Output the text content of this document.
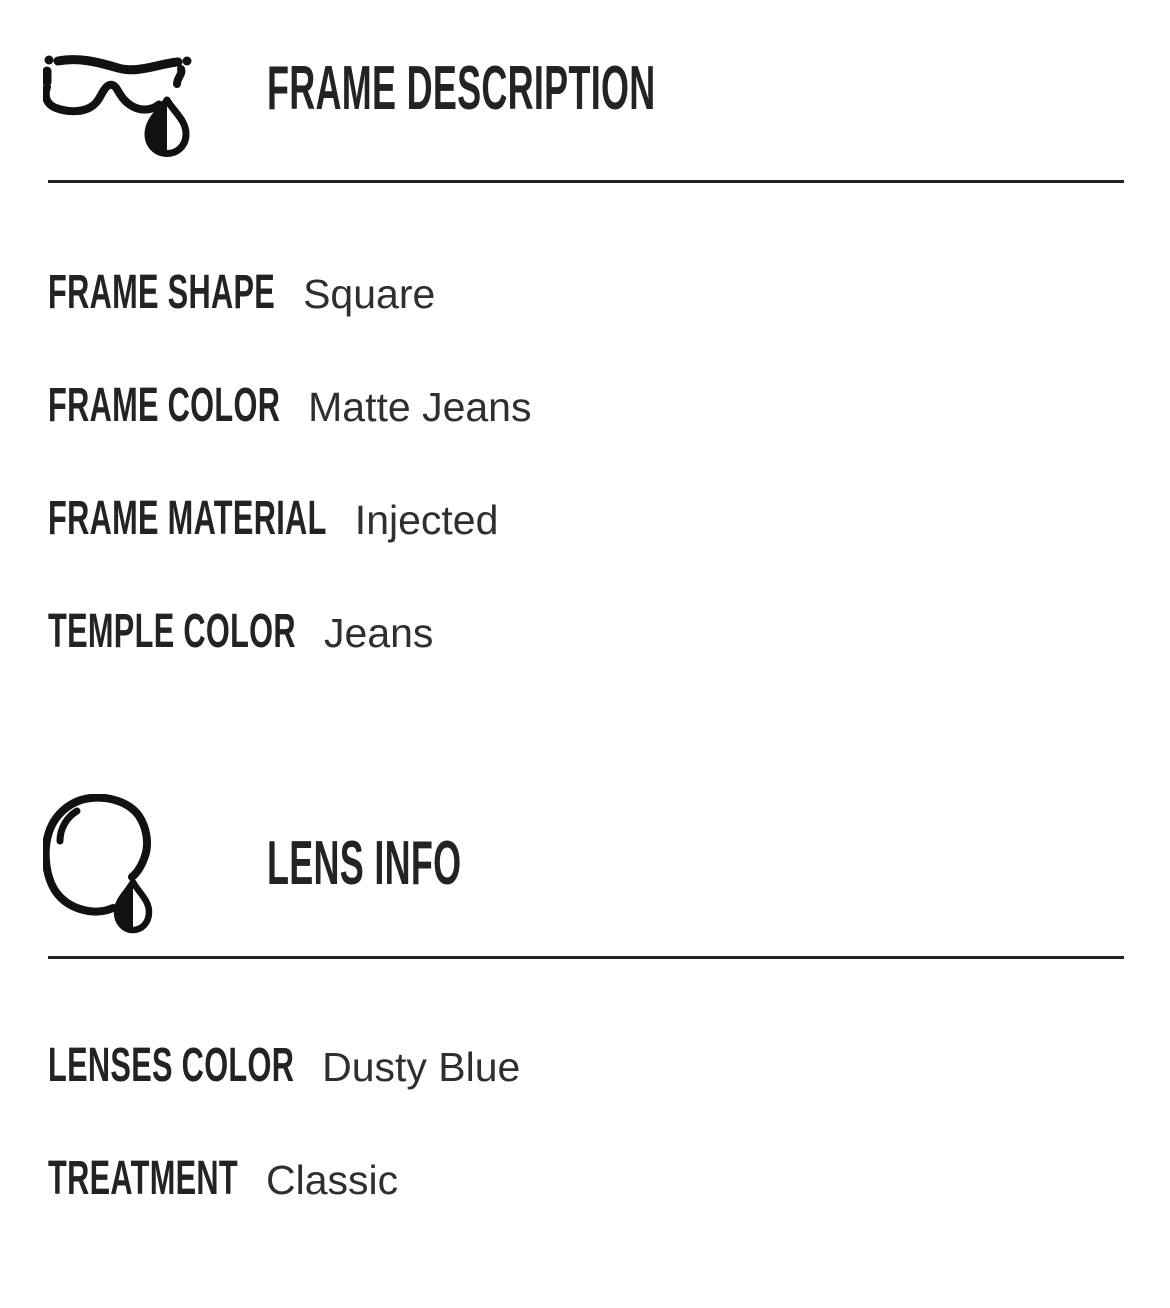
FRAME DESCRIPTION
FRAME SHAPE Square
FRAME COLOR Matte Jeans
FRAME MATERIAL Injected
TEMPLE COLOR Jeans
LENS INFO
LENSES COLOR Dusty Blue
TREATMENT Classic
